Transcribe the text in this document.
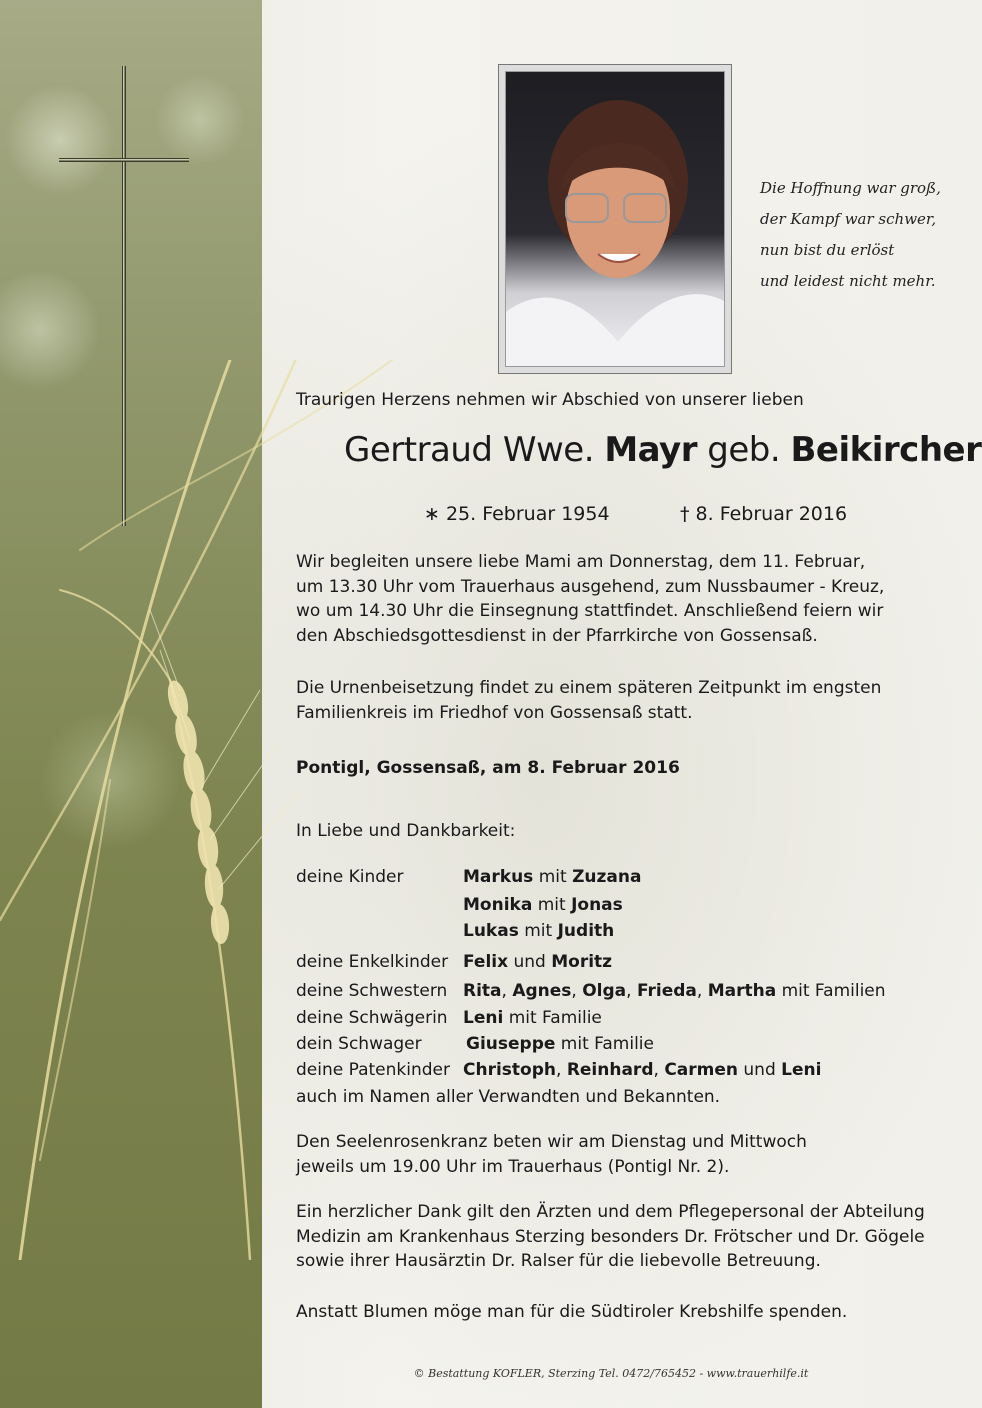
Die Hoffnung war groß,
der Kampf war schwer,
nun bist du erlöst
und leidest nicht mehr.
Traurigen Herzens nehmen wir Abschied von unserer lieben
Gertraud Wwe. Mayr geb. Beikircher
∗ 25. Februar 1954	† 8. Februar 2016
Wir begleiten unsere liebe Mami am Donnerstag, dem 11. Februar,
um 13.30 Uhr vom Trauerhaus ausgehend, zum Nussbaumer - Kreuz,
wo um 14.30 Uhr die Einsegnung stattfindet. Anschließend feiern wir
den Abschiedsgottesdienst in der Pfarrkirche von Gossensaß.
Die Urnenbeisetzung findet zu einem späteren Zeitpunkt im engsten
Familienkreis im Friedhof von Gossensaß statt.
Pontigl, Gossensaß, am 8. Februar 2016
In Liebe und Dankbarkeit:
deine Kinder	Markus mit Zuzana
Monika mit Jonas
Lukas mit Judith
deine Enkelkinder Felix und Moritz
deine Schwestern Rita, Agnes, Olga, Frieda, Martha mit Familien
deine Schwägerin Leni mit Familie
dein Schwager	Giuseppe mit Familie
deine Patenkinder Christoph, Reinhard, Carmen und Leni
auch im Namen aller Verwandten und Bekannten.
Den Seelenrosenkranz beten wir am Dienstag und Mittwoch
jeweils um 19.00 Uhr im Trauerhaus (Pontigl Nr. 2).
Ein herzlicher Dank gilt den Ärzten und dem Pflegepersonal der Abteilung
Medizin am Krankenhaus Sterzing besonders Dr. Frötscher und Dr. Gögele
sowie ihrer Hausärztin Dr. Ralser für die liebevolle Betreuung.
Anstatt Blumen möge man für die Südtiroler Krebshilfe spenden.
© Bestattung KOFLER, Sterzing Tel. 0472/765452 - www.trauerhilfe.it
